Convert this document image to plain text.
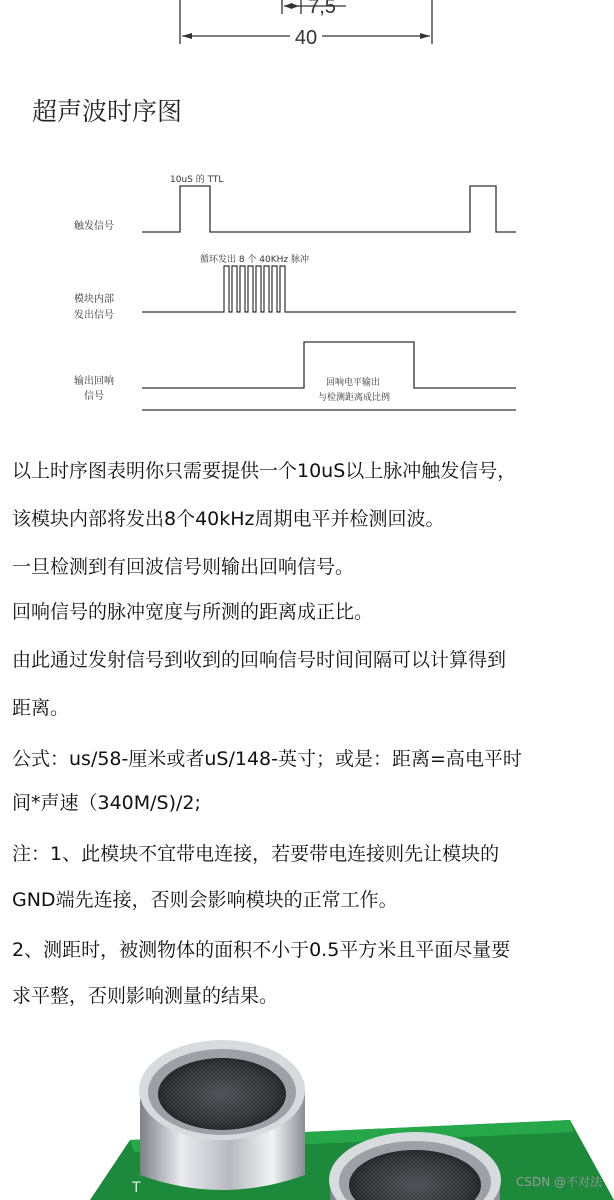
7,5
40
超声波时序图
10uS 的 TTL
触发信号
循环发出 8 个 40KHz 脉冲
模块内部
发出信号
回响电平输出
与检测距离成比例
输出回响
信号
以上时序图表明你只需要提供一个10uS以上脉冲触发信号，
该模块内部将发出8个40kHz周期电平并检测回波。
一旦检测到有回波信号则输出回响信号。
回响信号的脉冲宽度与所测的距离成正比。
由此通过发射信号到收到的回响信号时间间隔可以计算得到
距离。
公式：us/58-厘米或者uS/148-英寸；或是：距离=高电平时
间*声速（340M/S)/2;
注：1、此模块不宜带电连接，若要带电连接则先让模块的
GND端先连接，否则会影响模块的正常工作。
2、测距时，被测物体的面积不小于0.5平方米且平面尽量要
求平整，否则影响测量的结果。
T	CSDN @不对法
